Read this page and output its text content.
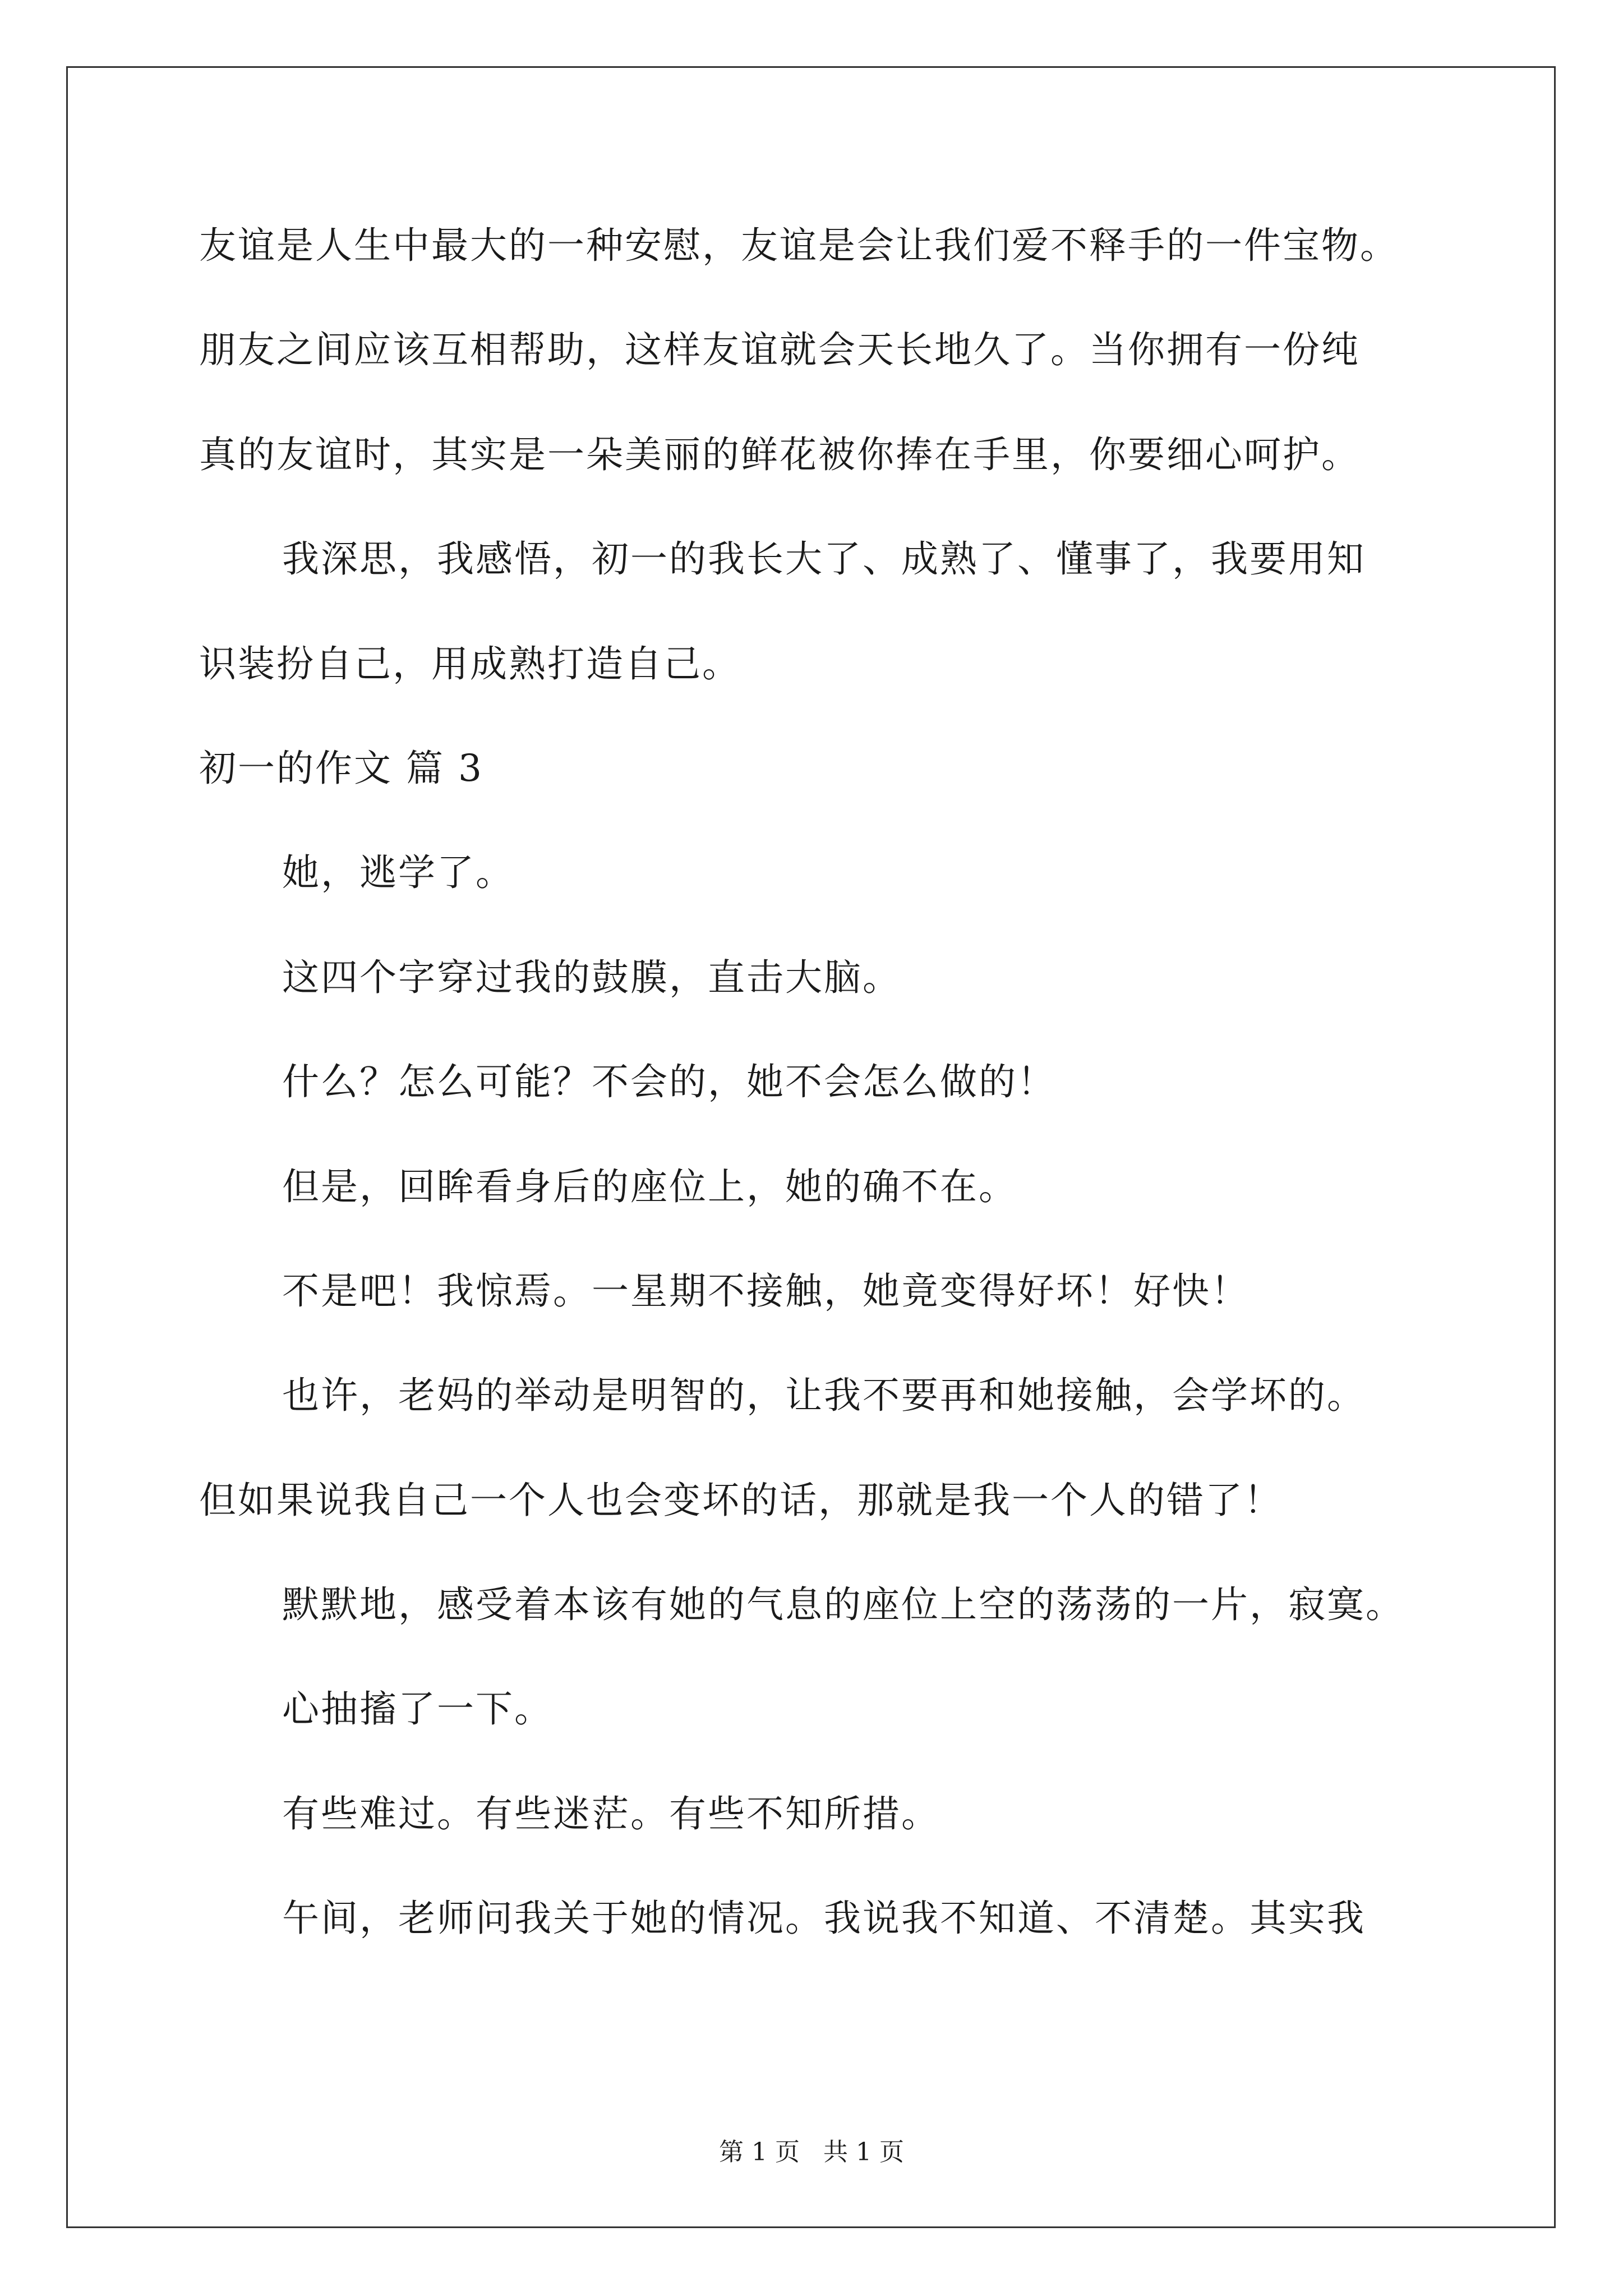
友谊是人生中最大的一种安慰，友谊是会让我们爱不释手的一件宝物。
朋友之间应该互相帮助，这样友谊就会天长地久了。当你拥有一份纯
真的友谊时，其实是一朵美丽的鲜花被你捧在手里，你要细心呵护。
我深思，我感悟，初一的我长大了、成熟了、懂事了，我要用知
识装扮自己，用成熟打造自己。
初一的作文 篇 3
她，逃学了。
这四个字穿过我的鼓膜，直击大脑。
什么？怎么可能？不会的，她不会怎么做的！
但是，回眸看身后的座位上，她的确不在。
不是吧！我惊焉。一星期不接触，她竟变得好坏！好快！
也许，老妈的举动是明智的，让我不要再和她接触，会学坏的。
但如果说我自己一个人也会变坏的话，那就是我一个人的错了！
默默地，感受着本该有她的气息的座位上空的荡荡的一片，寂寞。
心抽搐了一下。
有些难过。有些迷茫。有些不知所措。
午间，老师问我关于她的情况。我说我不知道、不清楚。其实我
第 1 页   共 1 页
